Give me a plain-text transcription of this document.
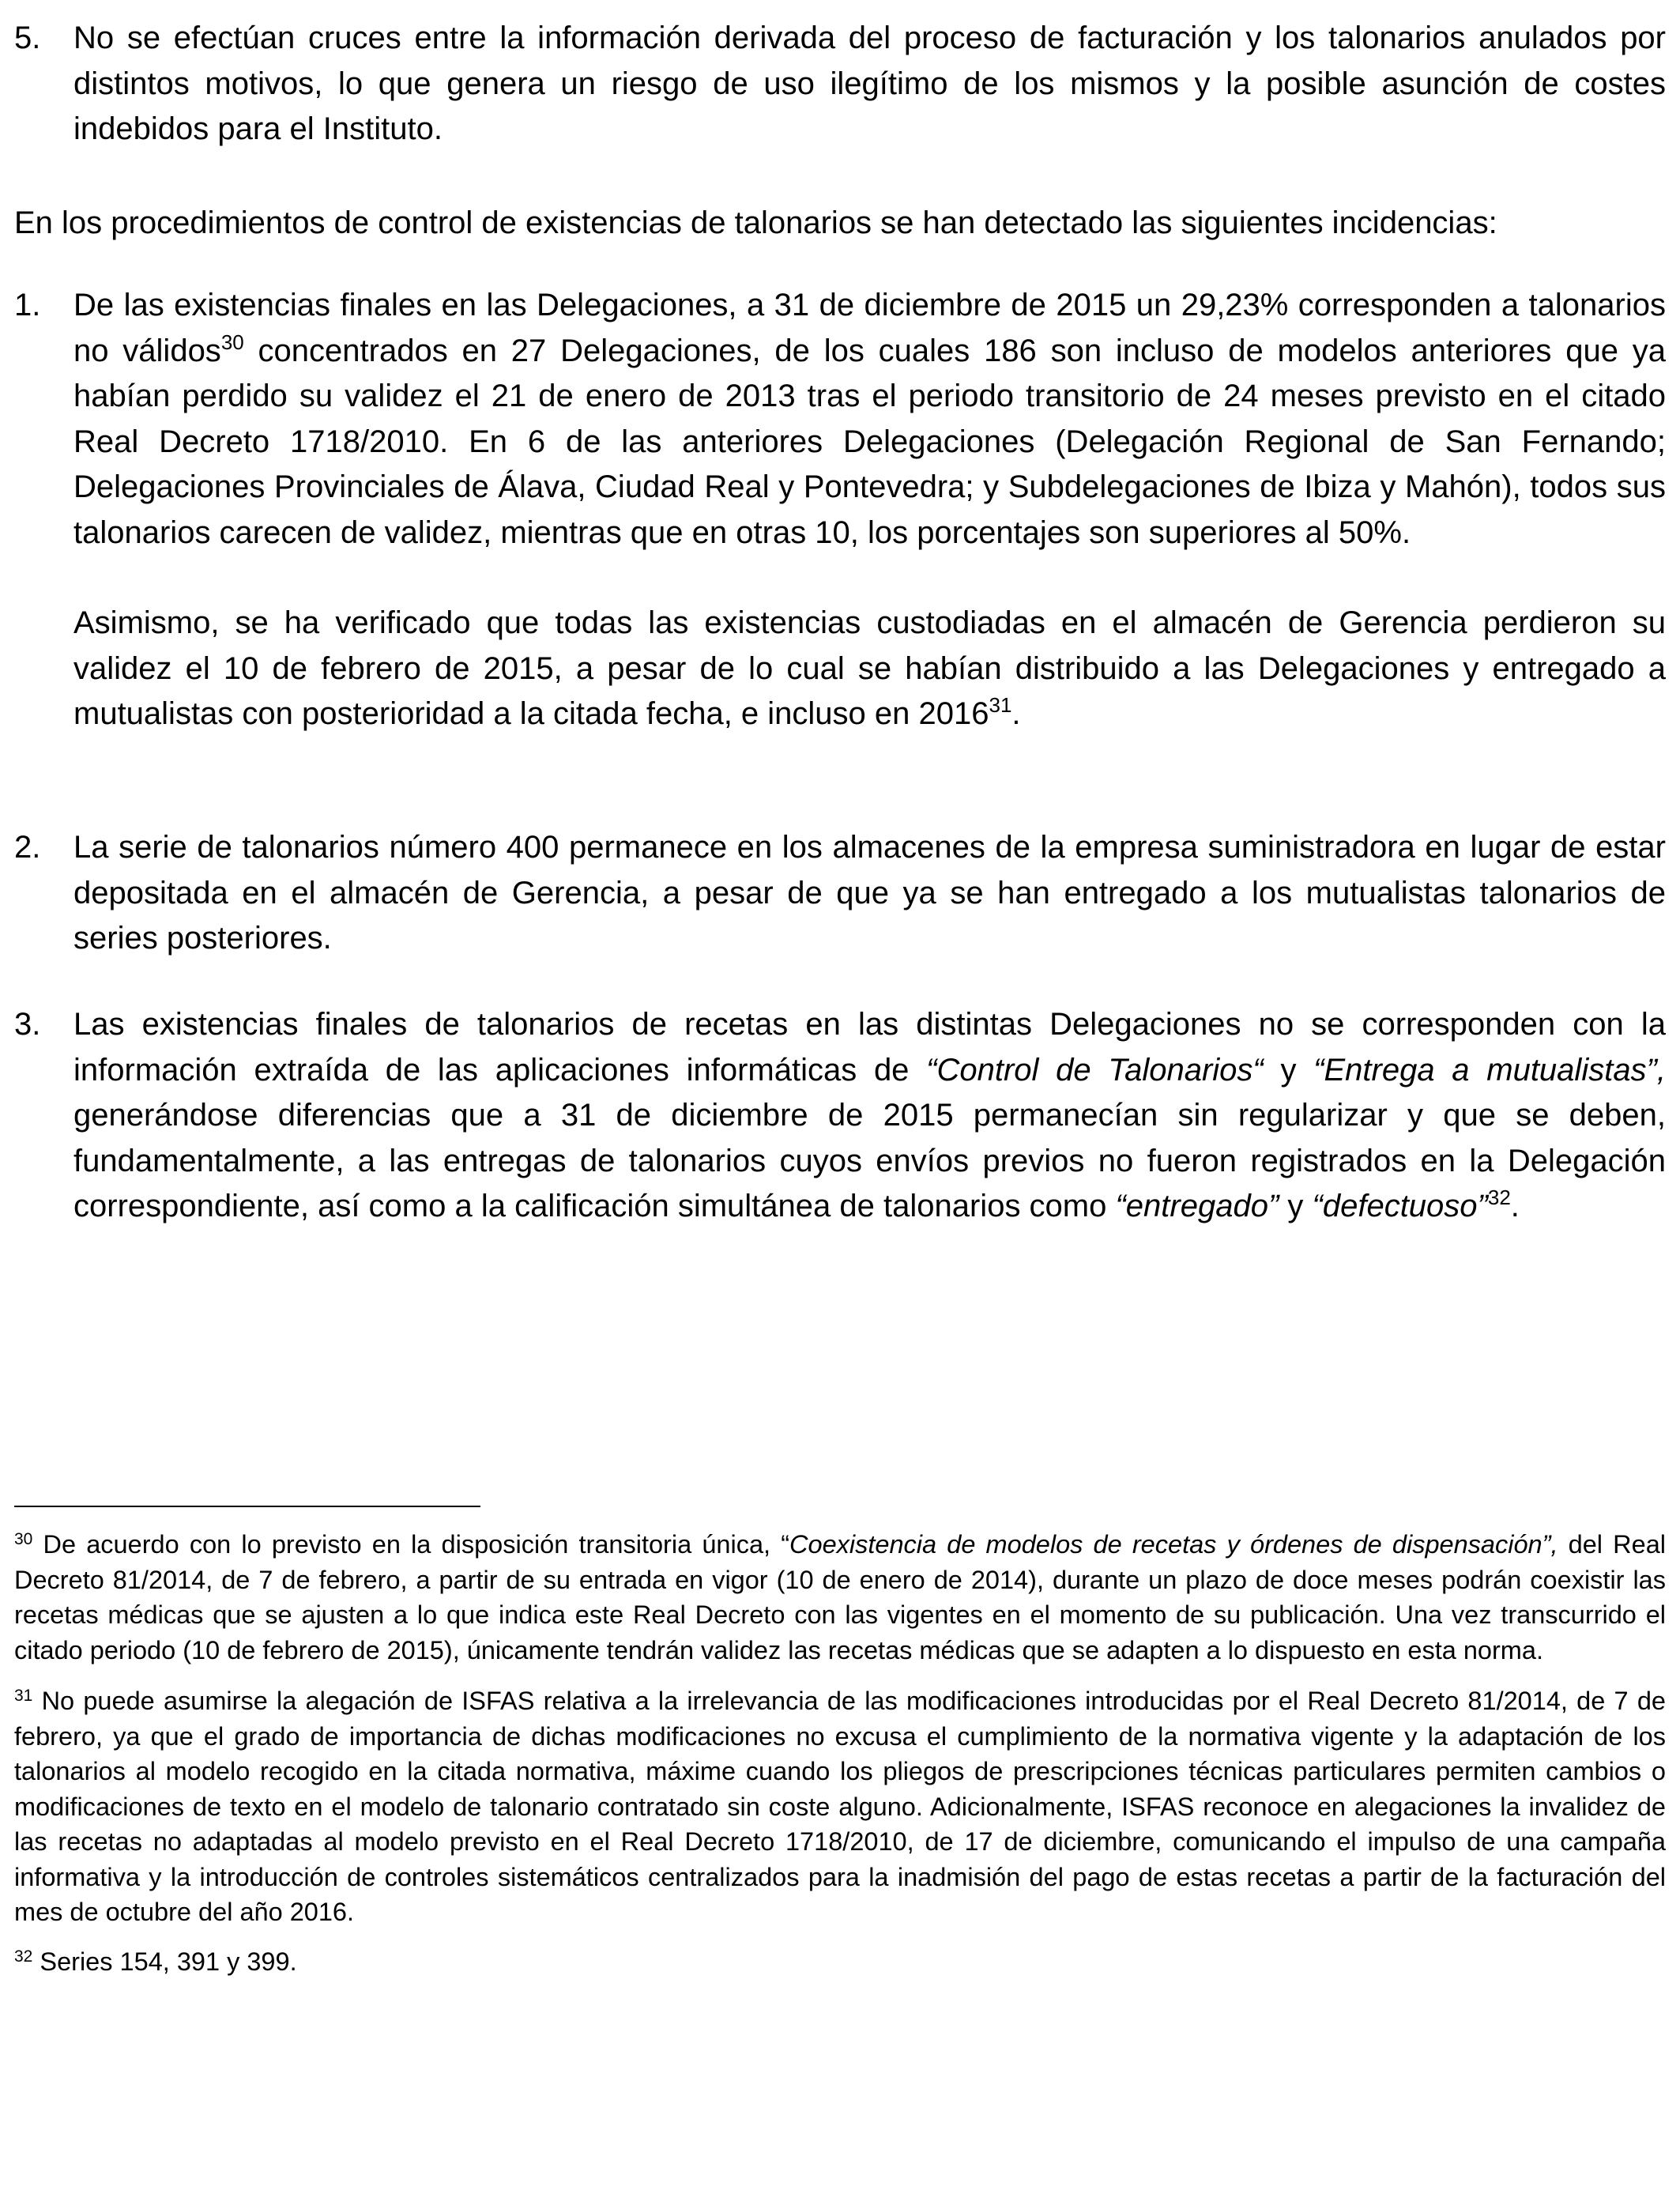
5. No se efectúan cruces entre la información derivada del proceso de facturación y los talonarios anulados por distintos motivos, lo que genera un riesgo de uso ilegítimo de los mismos y la posible asunción de costes indebidos para el Instituto.

En los procedimientos de control de existencias de talonarios se han detectado las siguientes incidencias:

1. De las existencias finales en las Delegaciones, a 31 de diciembre de 2015 un 29,23% corresponden a talonarios no válidos$^{30}$ concentrados en 27 Delegaciones, de los cuales 186 son incluso de modelos anteriores que ya habían perdido su validez el 21 de enero de 2013 tras el periodo transitorio de 24 meses previsto en el citado Real Decreto 1718/2010. En 6 de las anteriores Delegaciones (Delegación Regional de San Fernando; Delegaciones Provinciales de Álava, Ciudad Real y Pontevedra; y Subdelegaciones de Ibiza y Mahón), todos sus talonarios carecen de validez, mientras que en otras 10, los porcentajes son superiores al 50%.

Asimismo, se ha verificado que todas las existencias custodiadas en el almacén de Gerencia perdieron su validez el 10 de febrero de 2015, a pesar de lo cual se habían distribuido a las Delegaciones y entregado a mutualistas con posterioridad a la citada fecha, e incluso en 2016$^{31}$.

2. La serie de talonarios número 400 permanece en los almacenes de la empresa suministradora en lugar de estar depositada en el almacén de Gerencia, a pesar de que ya se han entregado a los mutualistas talonarios de series posteriores.

3. Las existencias finales de talonarios de recetas en las distintas Delegaciones no se corresponden con la información extraída de las aplicaciones informáticas de “Control de Talonarios“ y “Entrega a mutualistas”, generándose diferencias que a 31 de diciembre de 2015 permanecían sin regularizar y que se deben, fundamentalmente, a las entregas de talonarios cuyos envíos previos no fueron registrados en la Delegación correspondiente, así como a la calificación simultánea de talonarios como “entregado” y “defectuoso”$^{32}$.

$^{30}$ De acuerdo con lo previsto en la disposición transitoria única, “Coexistencia de modelos de recetas y órdenes de dispensación”, del Real Decreto 81/2014, de 7 de febrero, a partir de su entrada en vigor (10 de enero de 2014), durante un plazo de doce meses podrán coexistir las recetas médicas que se ajusten a lo que indica este Real Decreto con las vigentes en el momento de su publicación. Una vez transcurrido el citado periodo (10 de febrero de 2015), únicamente tendrán validez las recetas médicas que se adapten a lo dispuesto en esta norma.

$^{31}$ No puede asumirse la alegación de ISFAS relativa a la irrelevancia de las modificaciones introducidas por el Real Decreto 81/2014, de 7 de febrero, ya que el grado de importancia de dichas modificaciones no excusa el cumplimiento de la normativa vigente y la adaptación de los talonarios al modelo recogido en la citada normativa, máxime cuando los pliegos de prescripciones técnicas particulares permiten cambios o modificaciones de texto en el modelo de talonario contratado sin coste alguno. Adicionalmente, ISFAS reconoce en alegaciones la invalidez de las recetas no adaptadas al modelo previsto en el Real Decreto 1718/2010, de 17 de diciembre, comunicando el impulso de una campaña informativa y la introducción de controles sistemáticos centralizados para la inadmisión del pago de estas recetas a partir de la facturación del mes de octubre del año 2016.

$^{32}$ Series 154, 391 y 399.
